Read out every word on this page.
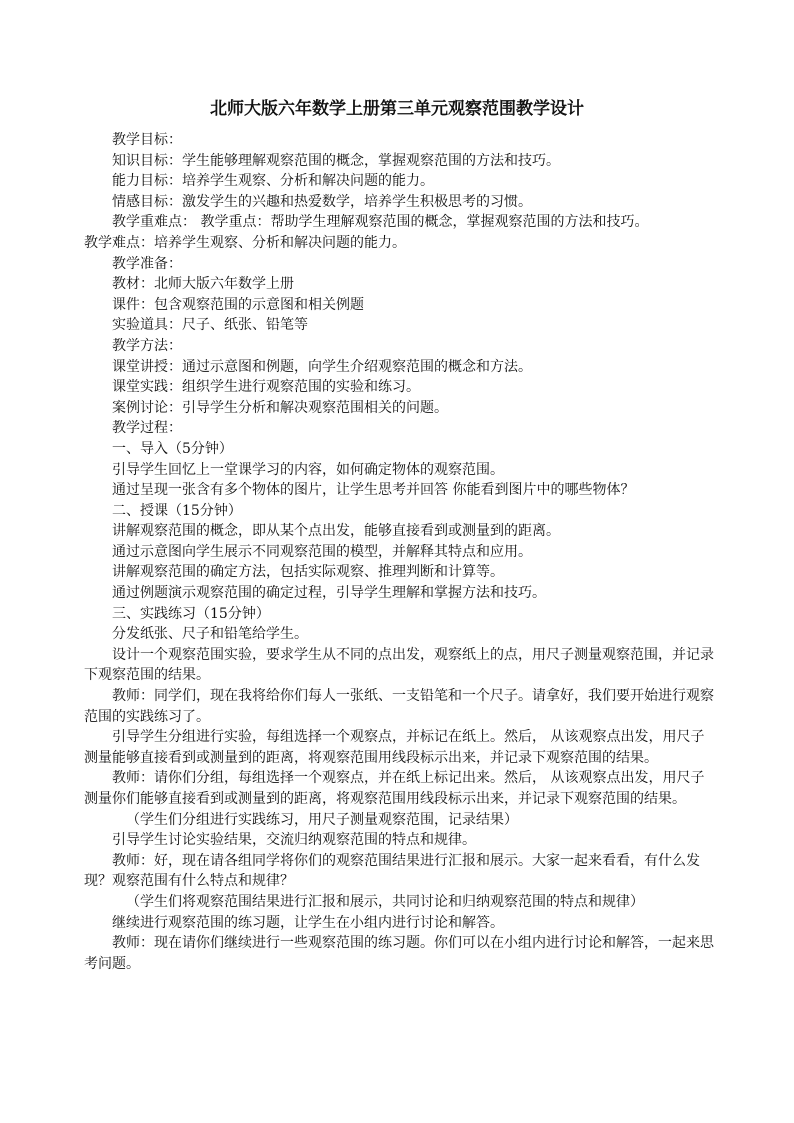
北师大版六年数学上册第三单元观察范围教学设计

教学目标：

知识目标：学生能够理解观察范围的概念，掌握观察范围的方法和技巧。

能力目标：培养学生观察、分析和解决问题的能力。

情感目标：激发学生的兴趣和热爱数学，培养学生积极思考的习惯。

教学重难点： 教学重点：帮助学生理解观察范围的概念，掌握观察范围的方法和技巧。

教学难点：培养学生观察、分析和解决问题的能力。

教学准备：

教材：北师大版六年数学上册

课件：包含观察范围的示意图和相关例题

实验道具：尺子、纸张、铅笔等

教学方法：

课堂讲授：通过示意图和例题，向学生介绍观察范围的概念和方法。

课堂实践：组织学生进行观察范围的实验和练习。

案例讨论：引导学生分析和解决观察范围相关的问题。

教学过程：

一、导入（5分钟）

引导学生回忆上一堂课学习的内容，如何确定物体的观察范围。

通过呈现一张含有多个物体的图片，让学生思考并回答 你能看到图片中的哪些物体？

二、授课（15分钟）

讲解观察范围的概念，即从某个点出发，能够直接看到或测量到的距离。

通过示意图向学生展示不同观察范围的模型，并解释其特点和应用。

讲解观察范围的确定方法，包括实际观察、推理判断和计算等。

通过例题演示观察范围的确定过程，引导学生理解和掌握方法和技巧。

三、实践练习（15分钟）

分发纸张、尺子和铅笔给学生。

设计一个观察范围实验，要求学生从不同的点出发，观察纸上的点，用尺子测量观察范围，并记录下观察范围的结果。

教师：同学们，现在我将给你们每人一张纸、一支铅笔和一个尺子。请拿好，我们要开始进行观察范围的实践练习了。

引导学生分组进行实验，每组选择一个观察点，并标记在纸上。然后， 从该观察点出发，用尺子测量能够直接看到或测量到的距离，将观察范围用线段标示出来，并记录下观察范围的结果。

教师：请你们分组，每组选择一个观察点，并在纸上标记出来。然后， 从该观察点出发，用尺子测量你们能够直接看到或测量到的距离，将观察范围用线段标示出来，并记录下观察范围的结果。

（学生们分组进行实践练习，用尺子测量观察范围，记录结果）

引导学生讨论实验结果，交流归纳观察范围的特点和规律。

教师：好，现在请各组同学将你们的观察范围结果进行汇报和展示。大家一起来看看，有什么发现？观察范围有什么特点和规律？

（学生们将观察范围结果进行汇报和展示，共同讨论和归纳观察范围的特点和规律）

继续进行观察范围的练习题，让学生在小组内进行讨论和解答。

教师：现在请你们继续进行一些观察范围的练习题。你们可以在小组内进行讨论和解答，一起来思考问题。
